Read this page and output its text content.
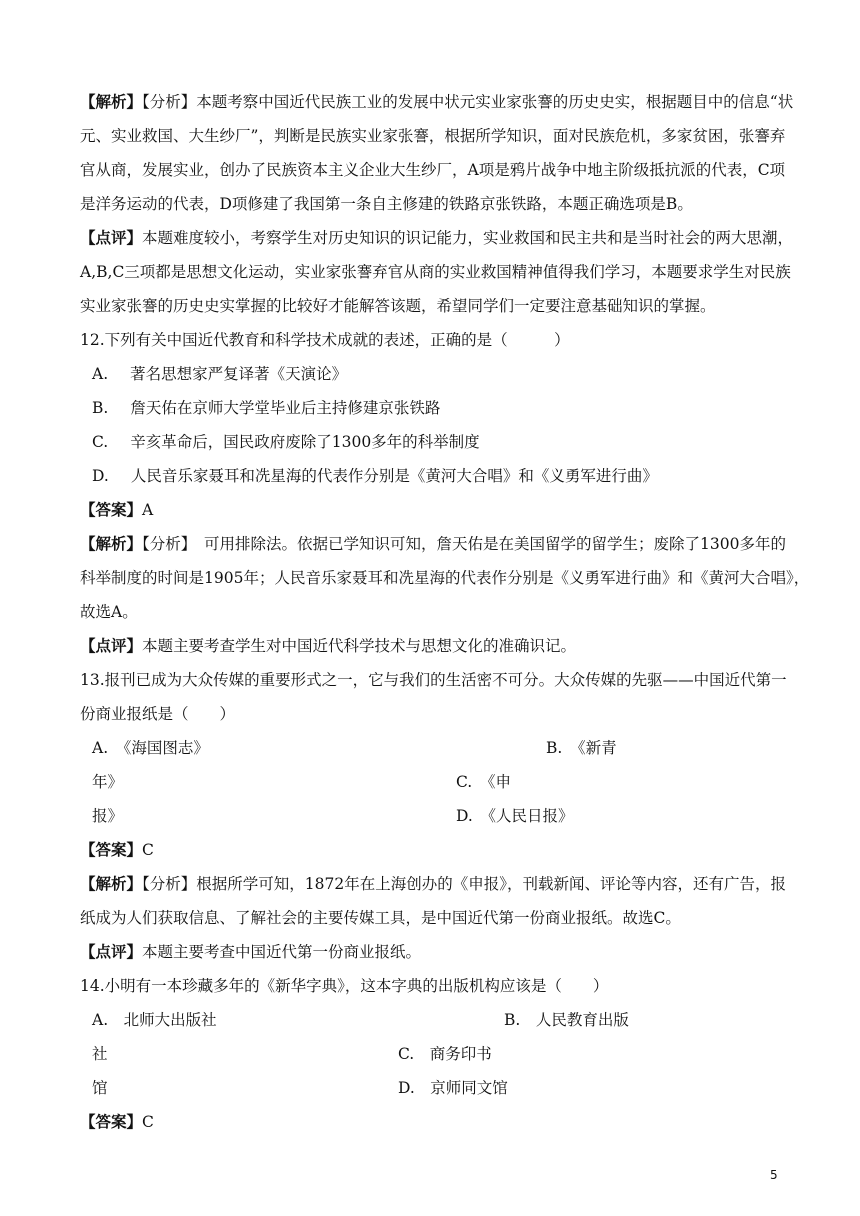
【解析】【分析】本题考察中国近代民族工业的发展中状元实业家张謇的历史史实，根据题目中的信息“状
元、实业救国、大生纱厂”，判断是民族实业家张謇，根据所学知识，面对民族危机，多家贫困，张謇弃
官从商，发展实业，创办了民族资本主义企业大生纱厂，A项是鸦片战争中地主阶级抵抗派的代表，C项
是洋务运动的代表，D项修建了我国第一条自主修建的铁路京张铁路，本题正确选项是B。
【点评】本题难度较小，考察学生对历史知识的识记能力，实业救国和民主共和是当时社会的两大思潮，
A,B,C三项都是思想文化运动，实业家张謇弃官从商的实业救国精神值得我们学习，本题要求学生对民族
实业家张謇的历史史实掌握的比较好才能解答该题，希望同学们一定要注意基础知识的掌握。
12.下列有关中国近代教育和科学技术成就的表述，正确的是（　　　）
A. 著名思想家严复译著《天演论》
B. 詹天佑在京师大学堂毕业后主持修建京张铁路
C. 辛亥革命后，国民政府废除了1300多年的科举制度
D. 人民音乐家聂耳和冼星海的代表作分别是《黄河大合唱》和《义勇军进行曲》
【答案】A
【解析】【分析】　可用排除法。依据已学知识可知，詹天佑是在美国留学的留学生；废除了1300多年的
科举制度的时间是1905年；人民音乐家聂耳和冼星海的代表作分别是《义勇军进行曲》和《黄河大合唱》，
故选A。
【点评】本题主要考查学生对中国近代科学技术与思想文化的准确识记。
13.报刊已成为大众传媒的重要形式之一，它与我们的生活密不可分。大众传媒的先驱——中国近代第一
份商业报纸是（　　）
A.　《海国图志》	B.　《新青
年》	C.　《申
报》	D.　《人民日报》
【答案】C
【解析】【分析】根据所学可知，1872年在上海创办的《申报》，刊载新闻、评论等内容，还有广告，报
纸成为人们获取信息、了解社会的主要传媒工具，是中国近代第一份商业报纸。故选C。
【点评】本题主要考查中国近代第一份商业报纸。
14.小明有一本珍藏多年的《新华字典》，这本字典的出版机构应该是（　　）
A.　北师大出版社	B.　人民教育出版
社	C.　商务印书
馆	D.　京师同文馆
【答案】C
5
